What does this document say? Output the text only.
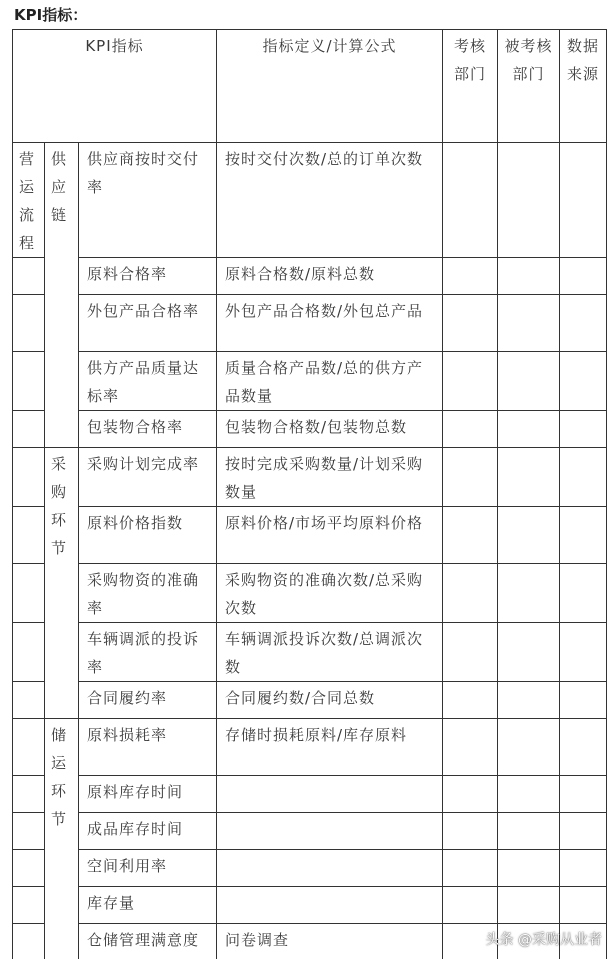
KPI指标：
KPI指标			指标定义/计算公式	考核部门	被考核部门	数据来源

营运流程	供应链	供应商按时交付率	按时交付次数/总的订单次数			

		原料合格率	原料合格数/原料总数			

		外包产品合格率	外包产品合格数/外包总产品			

		供方产品质量达标率	质量合格产品数/总的供方产品数量			

		包装物合格率	包装物合格数/包装物总数			

	采购环节	采购计划完成率	按时完成采购数量/计划采购数量			

		原料价格指数	原料价格/市场平均原料价格			

		采购物资的准确率	采购物资的准确次数/总采购次数			

		车辆调派的投诉率	车辆调派投诉次数/总调派次数			

		合同履约率	合同履约数/合同总数			

	储运环节	原料损耗率	存储时损耗原料/库存原料			

		原料库存时间				

		成品库存时间				

		空间利用率				

		库存量				

		仓储管理满意度	问卷调查			
				头条 @采购从业者
